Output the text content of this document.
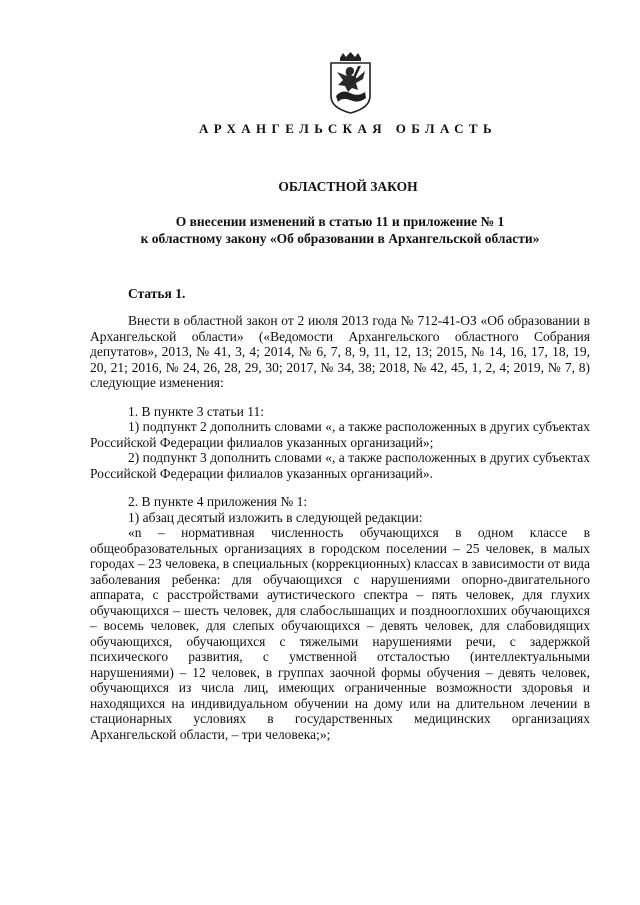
АРХАНГЕЛЬСКАЯ ОБЛАСТЬ
ОБЛАСТНОЙ ЗАКОН
О внесении изменений в статью 11 и приложение № 1
к областному закону «Об образовании в Архангельской области»
Статья 1.

Внести в областной закон от 2 июля 2013 года № 712-41-ОЗ «Об образовании в Архангельской области» («Ведомости Архангельского областного Собрания депутатов», 2013, № 41, 3, 4; 2014, № 6, 7, 8, 9, 11, 12, 13; 2015, № 14, 16, 17, 18, 19, 20, 21; 2016, № 24, 26, 28, 29, 30; 2017, № 34, 38; 2018, № 42, 45, 1, 2, 4; 2019, № 7, 8) следующие изменения:

1. В пункте 3 статьи 11:

1) подпункт 2 дополнить словами «, а также расположенных в других субъектах Российской Федерации филиалов указанных организаций»;

2) подпункт 3 дополнить словами «, а также расположенных в других субъектах Российской Федерации филиалов указанных организаций».

2. В пункте 4 приложения № 1:

1) абзац десятый изложить в следующей редакции:

«n – нормативная численность обучающихся в одном классе в общеобразовательных организациях в городском поселении – 25 человек, в малых городах – 23 человека, в специальных (коррекционных) классах в зависимости от вида заболевания ребенка: для обучающихся с нарушениями опорно-двигательного аппарата, с расстройствами аутистического спектра – пять человек, для глухих обучающихся – шесть человек, для слабослышащих и позднооглохших обучающихся – восемь человек, для слепых обучающихся – девять человек, для слабовидящих обучающихся, обучающихся с тяжелыми нарушениями речи, с задержкой психического развития, с умственной отсталостью (интеллектуальными нарушениями) – 12 человек, в группах заочной формы обучения – девять человек, обучающихся из числа лиц, имеющих ограниченные возможности здоровья и находящихся на индивидуальном обучении на дому или на длительном лечении в стационарных условиях в государственных медицинских организациях Архангельской области, – три человека;»;
